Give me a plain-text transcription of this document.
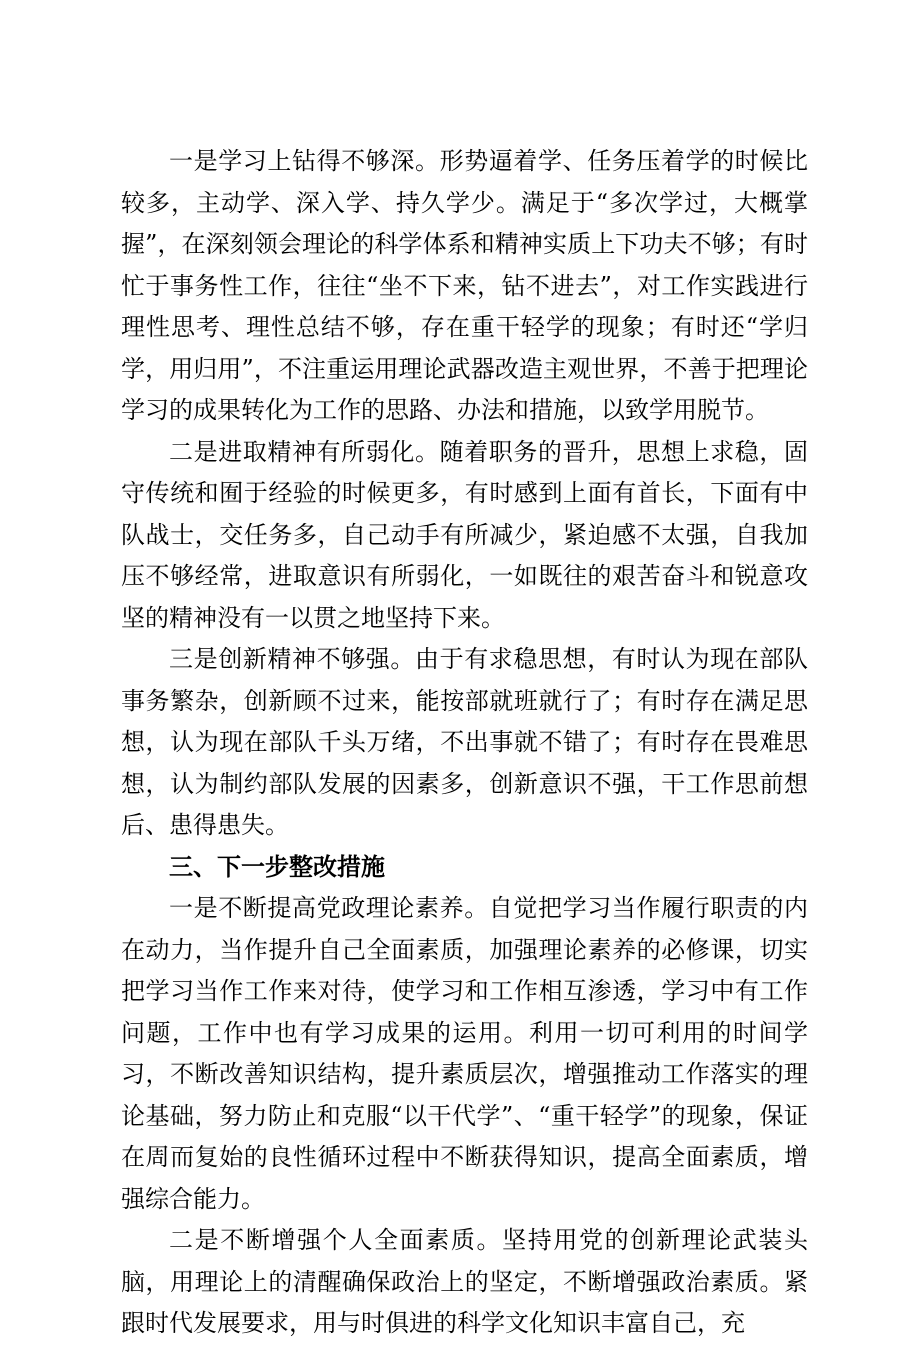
一是学习上钻得不够深。形势逼着学、任务压着学的时候比较多，主动学、深入学、持久学少。满足于“多次学过，大概掌握”，在深刻领会理论的科学体系和精神实质上下功夫不够；有时忙于事务性工作，往往“坐不下来，钻不进去”，对工作实践进行理性思考、理性总结不够，存在重干轻学的现象；有时还“学归学，用归用”，不注重运用理论武器改造主观世界，不善于把理论学习的成果转化为工作的思路、办法和措施，以致学用脱节。

二是进取精神有所弱化。随着职务的晋升，思想上求稳，固守传统和囿于经验的时候更多，有时感到上面有首长，下面有中队战士，交任务多，自己动手有所减少，紧迫感不太强，自我加压不够经常，进取意识有所弱化，一如既往的艰苦奋斗和锐意攻坚的精神没有一以贯之地坚持下来。

三是创新精神不够强。由于有求稳思想，有时认为现在部队事务繁杂，创新顾不过来，能按部就班就行了；有时存在满足思想，认为现在部队千头万绪，不出事就不错了；有时存在畏难思想，认为制约部队发展的因素多，创新意识不强，干工作思前想后、患得患失。

三、下一步整改措施

一是不断提高党政理论素养。自觉把学习当作履行职责的内在动力，当作提升自己全面素质，加强理论素养的必修课，切实把学习当作工作来对待，使学习和工作相互渗透，学习中有工作问题，工作中也有学习成果的运用。利用一切可利用的时间学习，不断改善知识结构，提升素质层次，增强推动工作落实的理论基础，努力防止和克服“以干代学”、“重干轻学”的现象，保证在周而复始的良性循环过程中不断获得知识，提高全面素质，增强综合能力。

二是不断增强个人全面素质。坚持用党的创新理论武装头脑，用理论上的清醒确保政治上的坚定，不断增强政治素质。紧跟时代发展要求，用与时俱进的科学文化知识丰富自己，充
